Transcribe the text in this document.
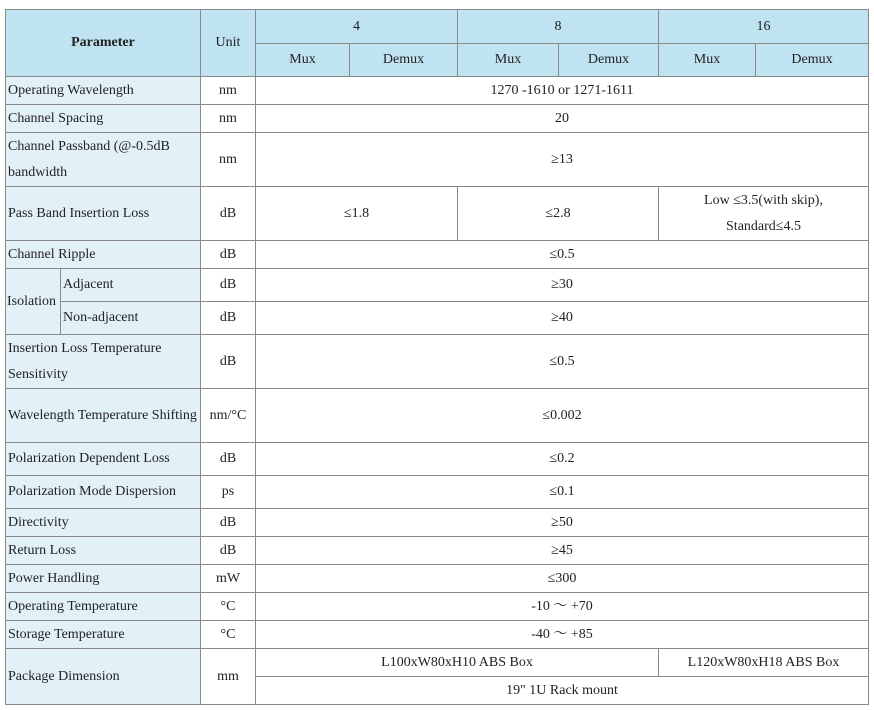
Parameter		Unit	4		8		16	
			Mux	Demux	Mux	Demux	Mux	Demux
Operating Wavelength		nm	1270 -1610 or 1271-1611					
Channel Spacing		nm	20					
Channel Passband (@-0.5dB bandwidth		nm	≥13					
Pass Band Insertion Loss		dB	≤1.8		≤2.8		Low ≤3.5(with skip),
Standard≤4.5	
Channel Ripple		dB	≤0.5					
Isolation	Adjacent	dB	≥30					
	Non-adjacent	dB	≥40					
Insertion Loss Temperature Sensitivity		dB	≤0.5					
Wavelength Temperature Shifting		nm/°C	≤0.002					
Polarization Dependent Loss		dB	≤0.2					
Polarization Mode Dispersion		ps	≤0.1					
Directivity		dB	≥50					
Return Loss		dB	≥45					
Power Handling		mW	≤300					
Operating Temperature		°C	-10 ～ +70					
Storage Temperature		°C	-40 ～ +85					
Package Dimension		mm	L100xW80xH10 ABS Box				L120xW80xH18 ABS Box	
			19" 1U Rack mount					
